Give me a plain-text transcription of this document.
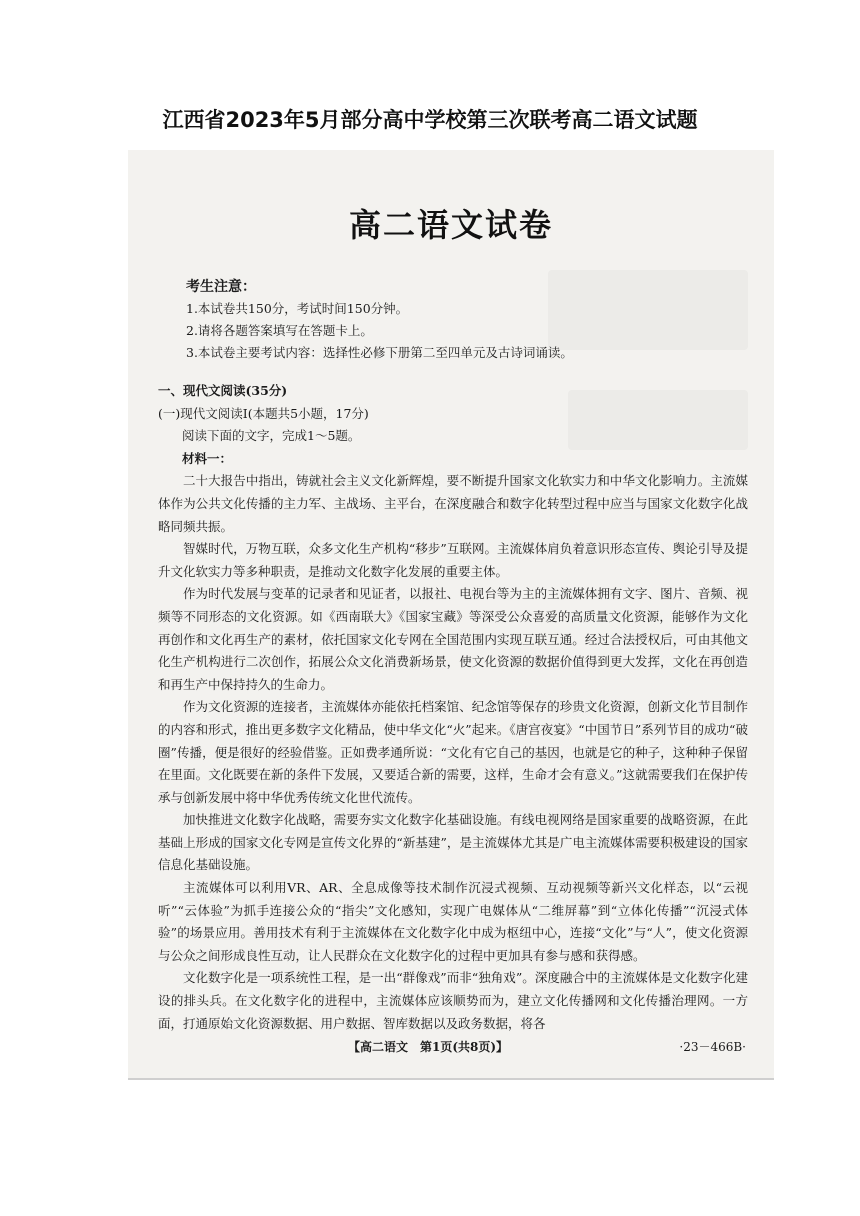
江西省2023年5月部分高中学校第三次联考高二语文试题
高二语文试卷
考生注意：
1.本试卷共150分，考试时间150分钟。
2.请将各题答案填写在答题卡上。
3.本试卷主要考试内容：选择性必修下册第二至四单元及古诗词诵读。
一、现代文阅读(35分)
(一)现代文阅读Ⅰ(本题共5小题，17分)
阅读下面的文字，完成1～5题。
材料一：

二十大报告中指出，铸就社会主义文化新辉煌，要不断提升国家文化软实力和中华文化影响力。主流媒体作为公共文化传播的主力军、主战场、主平台，在深度融合和数字化转型过程中应当与国家文化数字化战略同频共振。

智媒时代，万物互联，众多文化生产机构“移步”互联网。主流媒体肩负着意识形态宣传、舆论引导及提升文化软实力等多种职责，是推动文化数字化发展的重要主体。

作为时代发展与变革的记录者和见证者，以报社、电视台等为主的主流媒体拥有文字、图片、音频、视频等不同形态的文化资源。如《西南联大》《国家宝藏》等深受公众喜爱的高质量文化资源，能够作为文化再创作和文化再生产的素材，依托国家文化专网在全国范围内实现互联互通。经过合法授权后，可由其他文化生产机构进行二次创作，拓展公众文化消费新场景，使文化资源的数据价值得到更大发挥，文化在再创造和再生产中保持持久的生命力。

作为文化资源的连接者，主流媒体亦能依托档案馆、纪念馆等保存的珍贵文化资源，创新文化节目制作的内容和形式，推出更多数字文化精品，使中华文化“火”起来。《唐宫夜宴》“中国节日”系列节目的成功“破圈”传播，便是很好的经验借鉴。正如费孝通所说：“文化有它自己的基因，也就是它的种子，这种种子保留在里面。文化既要在新的条件下发展，又要适合新的需要，这样，生命才会有意义。”这就需要我们在保护传承与创新发展中将中华优秀传统文化世代流传。

加快推进文化数字化战略，需要夯实文化数字化基础设施。有线电视网络是国家重要的战略资源，在此基础上形成的国家文化专网是宣传文化界的“新基建”，是主流媒体尤其是广电主流媒体需要积极建设的国家信息化基础设施。

主流媒体可以利用VR、AR、全息成像等技术制作沉浸式视频、互动视频等新兴文化样态，以“云视听”“云体验”为抓手连接公众的“指尖”文化感知，实现广电媒体从“二维屏幕”到“立体化传播”“沉浸式体验”的场景应用。善用技术有利于主流媒体在文化数字化中成为枢纽中心，连接“文化”与“人”，使文化资源与公众之间形成良性互动，让人民群众在文化数字化的过程中更加具有参与感和获得感。

文化数字化是一项系统性工程，是一出“群像戏”而非“独角戏”。深度融合中的主流媒体是文化数字化建设的排头兵。在文化数字化的进程中，主流媒体应该顺势而为，建立文化传播网和文化传播治理网。一方面，打通原始文化资源数据、用户数据、智库数据以及政务数据，将各

【高二语文　第1页(共8页)】	·23－466B·
